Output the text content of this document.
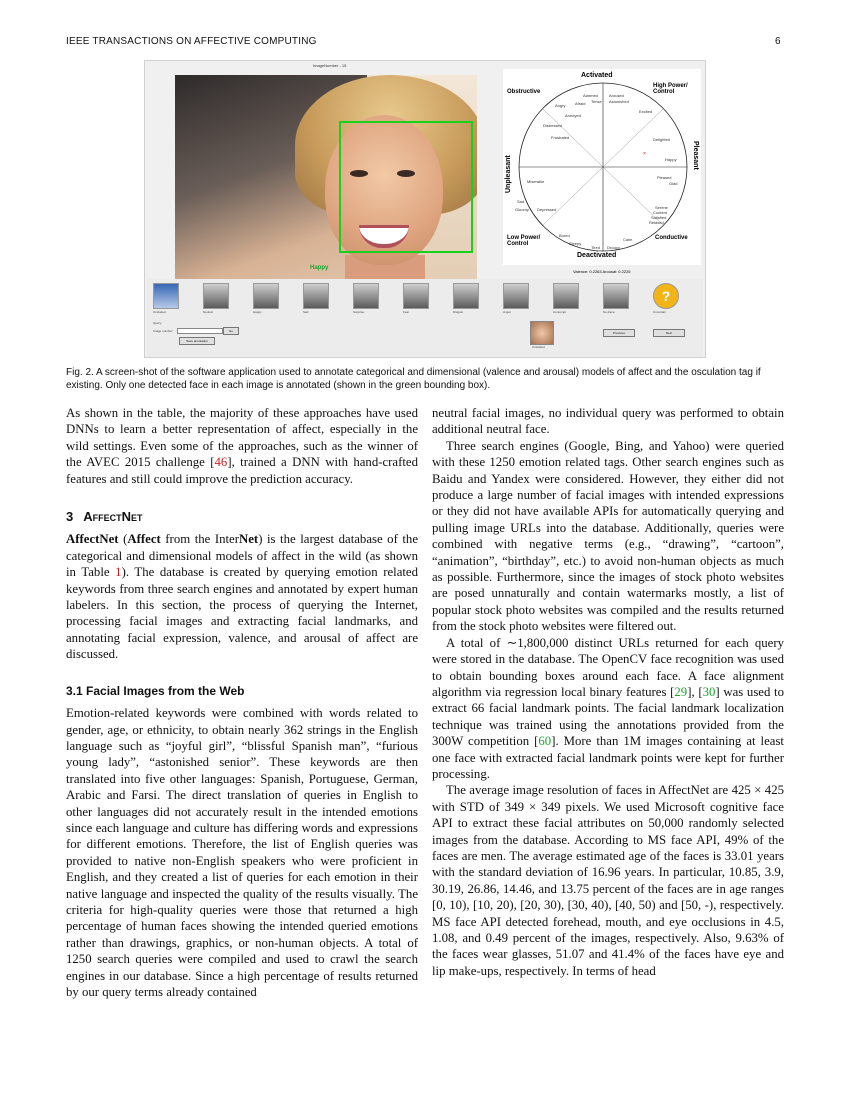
IEEE TRANSACTIONS ON AFFECTIVE COMPUTING	6
ImageNumber - 15
Happy
×
Activated
Deactivated
Unpleasant	Pleasant
Obstructive
High Power/ Control
Low Power/ Control
Conductive
Alarmed
Tense
Afraid
Angry
Annoyed
Distressed
Frustrated
Aroused
Astonished
Excited
Delighted
Happy
Pleased
Glad
Serene
Content
Satisfied
Relaxed
Calm
Sleepy
Tired Droopy
Bored
Depressed
Gloomy
Sad
Miserable
Valence: 0.2263 Arousal: 0.2225
?
Occluded	Neutral	Happy	Sad	Surprise	Fear	Disgust	Anger	Contempt	No-Face	Uncertain
Query:
Image number:	Go
Save annotation
Occluded
Previous	Next
Fig. 2. A screen-shot of the software application used to annotate categorical and dimensional (valence and arousal) models of affect and the osculation tag if existing. Only one detected face in each image is annotated (shown in the green bounding box).

As shown in the table, the majority of these approaches have used DNNs to learn a better representation of affect, especially in the wild settings. Even some of the approaches, such as the winner of the AVEC 2015 challenge [46], trained a DNN with hand-crafted features and still could improve the prediction accuracy.

3 AffectNet

AffectNet (Affect from the InterNet) is the largest database of the categorical and dimensional models of affect in the wild (as shown in Table 1). The database is created by querying emotion related keywords from three search engines and annotated by expert human labelers. In this section, the process of querying the Internet, processing facial images and extracting facial landmarks, and annotating facial expression, valence, and arousal of affect are discussed.

3.1 Facial Images from the Web

Emotion-related keywords were combined with words related to gender, age, or ethnicity, to obtain nearly 362 strings in the English language such as “joyful girl”, “blissful Spanish man”, “furious young lady”, “astonished senior”. These keywords are then translated into five other languages: Spanish, Portuguese, German, Arabic and Farsi. The direct translation of queries in English to other languages did not accurately result in the intended emotions since each language and culture has differing words and expressions for different emotions. Therefore, the list of English queries was provided to native non-English speakers who were proficient in English, and they created a list of queries for each emotion in their native language and inspected the quality of the results visually. The criteria for high-quality queries were those that returned a high percentage of human faces showing the intended queried emotions rather than drawings, graphics, or non-human objects. A total of 1250 search queries were compiled and used to crawl the search engines in our database. Since a high percentage of results returned by our query terms already contained

neutral facial images, no individual query was performed to obtain additional neutral face.

Three search engines (Google, Bing, and Yahoo) were queried with these 1250 emotion related tags. Other search engines such as Baidu and Yandex were considered. However, they either did not produce a large number of facial images with intended expressions or they did not have available APIs for automatically querying and pulling image URLs into the database. Additionally, queries were combined with negative terms (e.g., “drawing”, “cartoon”, “animation”, “birthday”, etc.) to avoid non-human objects as much as possible. Furthermore, since the images of stock photo websites are posed unnaturally and contain watermarks mostly, a list of popular stock photo websites was compiled and the results returned from the stock photo websites were filtered out.

A total of ∼1,800,000 distinct URLs returned for each query were stored in the database. The OpenCV face recognition was used to obtain bounding boxes around each face. A face alignment algorithm via regression local binary features [29], [30] was used to extract 66 facial landmark points. The facial landmark localization technique was trained using the annotations provided from the 300W competition [60]. More than 1M images containing at least one face with extracted facial landmark points were kept for further processing.

The average image resolution of faces in AffectNet are 425 × 425 with STD of 349 × 349 pixels. We used Microsoft cognitive face API to extract these facial attributes on 50,000 randomly selected images from the database. According to MS face API, 49% of the faces are men. The average estimated age of the faces is 33.01 years with the standard deviation of 16.96 years. In particular, 10.85, 3.9, 30.19, 26.86, 14.46, and 13.75 percent of the faces are in age ranges [0, 10), [10, 20), [20, 30), [30, 40), [40, 50) and [50, -), respectively. MS face API detected forehead, mouth, and eye occlusions in 4.5, 1.08, and 0.49 percent of the images, respectively. Also, 9.63% of the faces wear glasses, 51.07 and 41.4% of the faces have eye and lip make-ups, respectively. In terms of head
